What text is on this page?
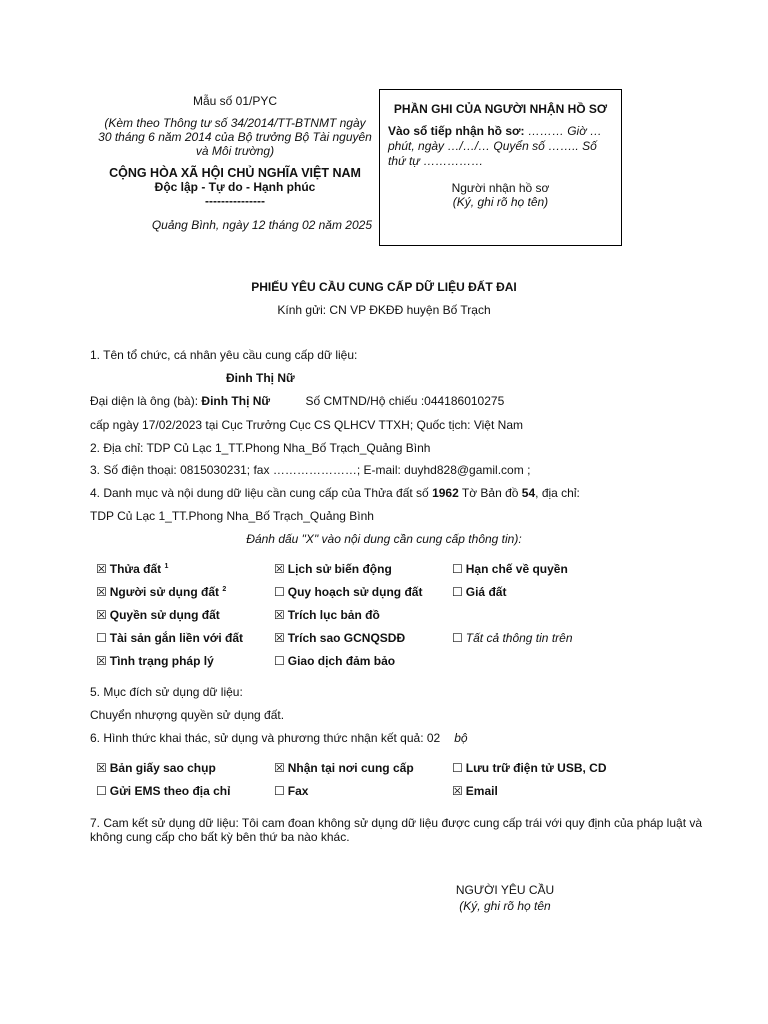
Mẫu số 01/PYC
(Kèm theo Thông tư số 34/2014/TT-BTNMT ngày 30 tháng 6 năm 2014 của Bộ trưởng Bộ Tài nguyên và Môi trường)
CỘNG HÒA XÃ HỘI CHỦ NGHĨA VIỆT NAM
Độc lập - Tự do - Hạnh phúc
---------------
Quảng Bình, ngày 12 tháng 02 năm 2025
PHẦN GHI CỦA NGƯỜI NHẬN HỒ SƠ
Vào sổ tiếp nhận hồ sơ: ……… Giờ … phút, ngày …/…/… Quyển số …….. Số thứ tự ……………
Người nhận hồ sơ
(Ký, ghi rõ họ tên)
PHIẾU YÊU CẦU CUNG CẤP DỮ LIỆU ĐẤT ĐAI
Kính gửi: CN VP ĐKĐĐ huyện Bố Trạch
1. Tên tổ chức, cá nhân yêu cầu cung cấp dữ liệu:
Đinh Thị Nữ
Đại diện là ông (bà): Đinh Thị Nữ	Số CMTND/Hộ chiếu :044186010275
cấp ngày 17/02/2023 tại Cục Trưởng Cục CS QLHCV TTXH; Quốc tịch: Việt Nam
2. Địa chỉ: TDP Củ Lạc 1_TT.Phong Nha_Bố Trạch_Quảng Bình
3. Số điện thoại: 0815030231; fax …………………; E-mail: duyhd828@gamil.com ;
4. Danh mục và nội dung dữ liệu cần cung cấp của Thửa đất số 1962 Tờ Bản đồ 54, địa chỉ:
TDP Củ Lạc 1_TT.Phong Nha_Bố Trạch_Quảng Bình
Đánh dấu "X" vào nội dung cần cung cấp thông tin):
☒ Thửa đất $^1$	☒ Lịch sử biến động	☐ Hạn chế về quyền
☒ Người sử dụng đất $^2$	☐ Quy hoạch sử dụng đất ☐ Giá đất
☒ Quyền sử dụng đất	☒ Trích lục bản đồ
☐ Tài sản gắn liền với đất	☒ Trích sao GCNQSDĐ	☐ Tất cả thông tin trên
☒ Tình trạng pháp lý	☐ Giao dịch đảm bảo
5. Mục đích sử dụng dữ liệu:
Chuyển nhượng quyền sử dụng đất.
6. Hình thức khai thác, sử dụng và phương thức nhận kết quả: 02 bộ
☒ Bản giấy sao chụp	☒ Nhận tại nơi cung cấp	☐ Lưu trữ điện tử USB, CD
☐ Gửi EMS theo địa chỉ	☐ Fax	☒ Email
7. Cam kết sử dụng dữ liệu: Tôi cam đoan không sử dụng dữ liệu được cung cấp trái với quy định của pháp luật và
không cung cấp cho bất kỳ bên thứ ba nào khác.
NGƯỜI YÊU CẦU
(Ký, ghi rõ họ tên
